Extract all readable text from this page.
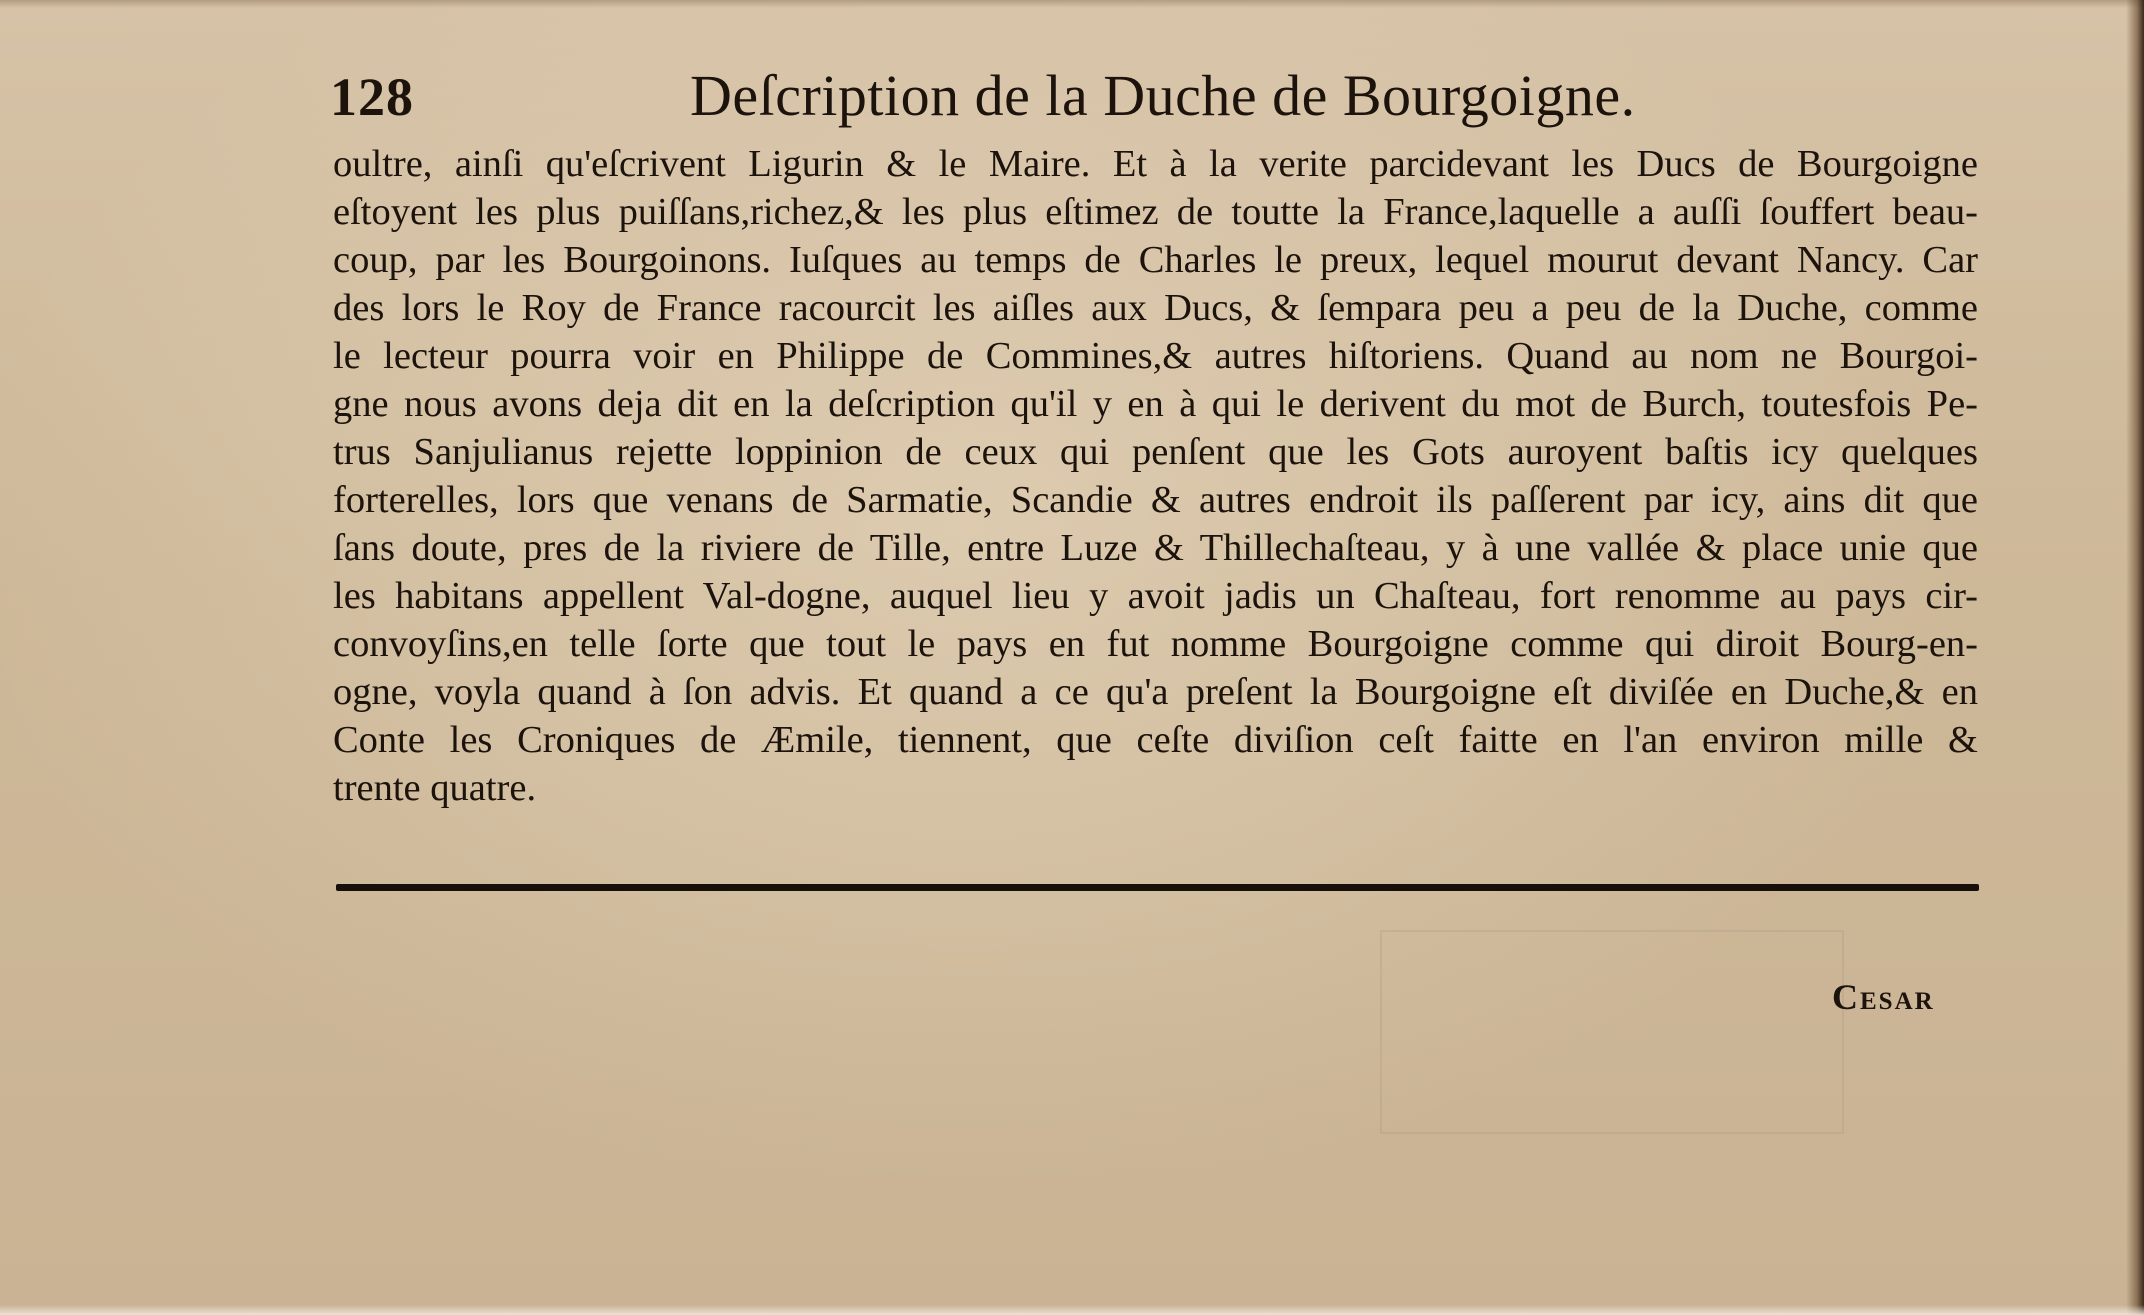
128	Deſcription de la Duche de Bourgoigne.
oultre, ainſi qu'eſcrivent Ligurin & le Maire. Et à la verite parcidevant les Ducs de Bourgoigne
eſtoyent les plus puiſſans,richez,& les plus eſtimez de toutte la France,laquelle a auſſi ſouffert beau-
coup, par les Bourgoinons. Iuſques au temps de Charles le preux, lequel mourut devant Nancy. Car
des lors le Roy de France racourcit les aiſles aux Ducs, & ſempara peu a peu de la Duche, comme
le lecteur pourra voir en Philippe de Commines,& autres hiſtoriens. Quand au nom ne Bourgoi-
gne nous avons deja dit en la deſcription qu'il y en à qui le derivent du mot de Burch, toutesfois Pe-
trus Sanjulianus rejette loppinion de ceux qui penſent que les Gots auroyent baſtis icy quelques
forterelles, lors que venans de Sarmatie, Scandie & autres endroit ils paſſerent par icy, ains dit que
ſans doute, pres de la riviere de Tille, entre Luze & Thillechaſteau, y à une vallée & place unie que
les habitans appellent Val-dogne, auquel lieu y avoit jadis un Chaſteau, fort renomme au pays cir-
convoyſins,en telle ſorte que tout le pays en fut nomme Bourgoigne comme qui diroit Bourg-en-
ogne, voyla quand à ſon advis. Et quand a ce qu'a preſent la Bourgoigne eſt diviſée en Duche,& en
Conte les Croniques de Æmile, tiennent, que ceſte diviſion ceſt faitte en l'an environ mille &
trente quatre.
Cesar
